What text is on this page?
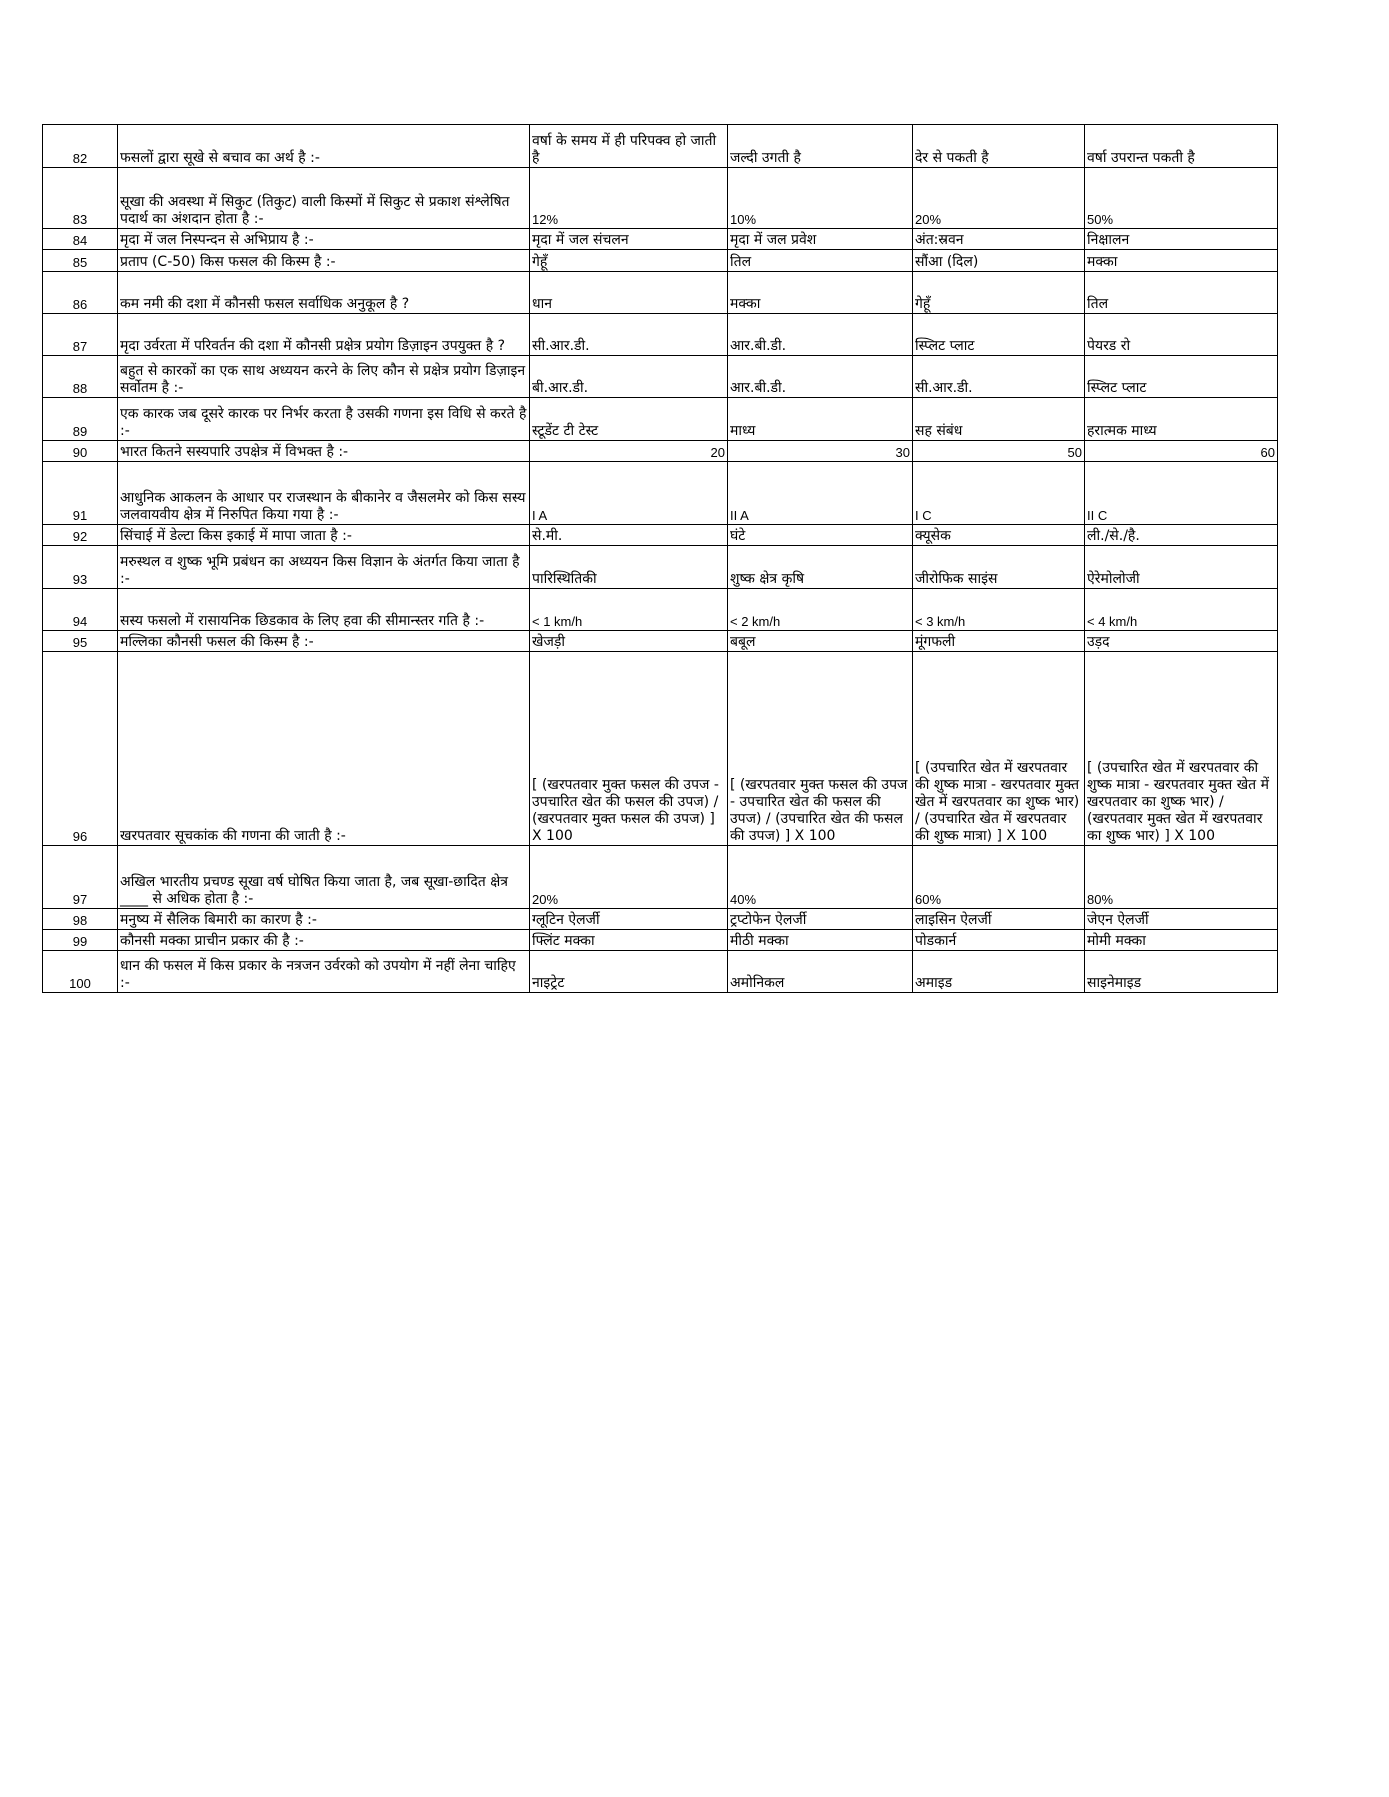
82	फसलों द्वारा सूखे से बचाव का अर्थ है :-	वर्षा के समय में ही परिपक्व हो जाती है	जल्दी उगती है	देर से पकती है	वर्षा उपरान्त पकती है
83	सूखा की अवस्था में सिकुट (तिकुट) वाली किस्मों में सिकुट से प्रकाश संश्लेषित पदार्थ का अंशदान होता है :-	12%	10%	20%	50%
84	मृदा में जल निस्पन्दन से अभिप्राय है :-	मृदा में जल संचलन	मृदा में जल प्रवेश	अंत:स्रवन	निक्षालन
85	प्रताप (C-50) किस फसल की किस्म है :-	गेहूँ	तिल	सौंआ (दिल)	मक्का
86	कम नमी की दशा में कौनसी फसल सर्वाधिक अनुकूल है ?	धान	मक्का	गेहूँ	तिल
87	मृदा उर्वरता में परिवर्तन की दशा में कौनसी प्रक्षेत्र प्रयोग डिज़ाइन उपयुक्त है ?	सी.आर.डी.	आर.बी.डी.	स्प्लिट प्लाट	पेयरड रो
88	बहुत से कारकों का एक साथ अध्ययन करने के लिए कौन से प्रक्षेत्र प्रयोग डिज़ाइन सर्वोतम है :-	बी.आर.डी.	आर.बी.डी.	सी.आर.डी.	स्प्लिट प्लाट
89	एक कारक जब दूसरे कारक पर निर्भर करता है उसकी गणना इस विधि से करते है :-	स्टूडेंट टी टेस्ट	माध्य	सह संबंध	हरात्मक माध्य
90	भारत कितने सस्यपारि उपक्षेत्र में विभक्त है :-	20	30	50	60
91	आधुनिक आकलन के आधार पर राजस्थान के बीकानेर व जैसलमेर को किस सस्य जलवायवीय क्षेत्र में निरुपित किया गया है :-	I A	II A	I C	II C
92	सिंचाई में डेल्टा किस इकाई में मापा जाता है :-	से.मी.	घंटे	क्यूसेक	ली./से./है.
93	मरुस्थल व शुष्क भूमि प्रबंधन का अध्ययन किस विज्ञान के अंतर्गत किया जाता है :-	पारिस्थितिकी	शुष्क क्षेत्र कृषि	जीरोफिक साइंस	ऐरेमोलोजी
94	सस्य फसलो में रासायनिक छिडकाव के लिए हवा की सीमान्स्तर गति है :-	< 1 km/h	< 2 km/h	< 3 km/h	< 4 km/h
95	मल्लिका कौनसी फसल की किस्म है :-	खेजड़ी	बबूल	मूंगफली	उड़द
96	खरपतवार सूचकांक की गणना की जाती है :-	[ (खरपतवार मुक्त फसल की उपज - उपचारित खेत की फसल की उपज) / (खरपतवार मुक्त फसल की उपज) ] X 100	[ (खरपतवार मुक्त फसल की उपज - उपचारित खेत की फसल की उपज) / (उपचारित खेत की फसल की उपज) ] X 100	[ (उपचारित खेत में खरपतवार की शुष्क मात्रा - खरपतवार मुक्त खेत में खरपतवार का शुष्क भार) / (उपचारित खेत में खरपतवार की शुष्क मात्रा) ] X 100	[ (उपचारित खेत में खरपतवार की शुष्क मात्रा - खरपतवार मुक्त खेत में खरपतवार का शुष्क भार) / (खरपतवार मुक्त खेत में खरपतवार का शुष्क भार) ] X 100
97	अखिल भारतीय प्रचण्ड सूखा वर्ष घोषित किया जाता है, जब सूखा-छादित क्षेत्र ____ से अधिक होता है :-	20%	40%	60%	80%
98	मनुष्य में सैलिक बिमारी का कारण है :-	ग्लूटिन ऐलर्जी	ट्रप्टोफेन ऐलर्जी	लाइसिन ऐलर्जी	जेएन ऐलर्जी
99	कौनसी मक्का प्राचीन प्रकार की है :-	फ्लिंट मक्का	मीठी मक्का	पोडकार्न	मोमी मक्का
100	धान की फसल में किस प्रकार के नत्रजन उर्वरको को उपयोग में नहीं लेना चाहिए :-	नाइट्रेट	अमोनिकल	अमाइड	साइनेमाइड
